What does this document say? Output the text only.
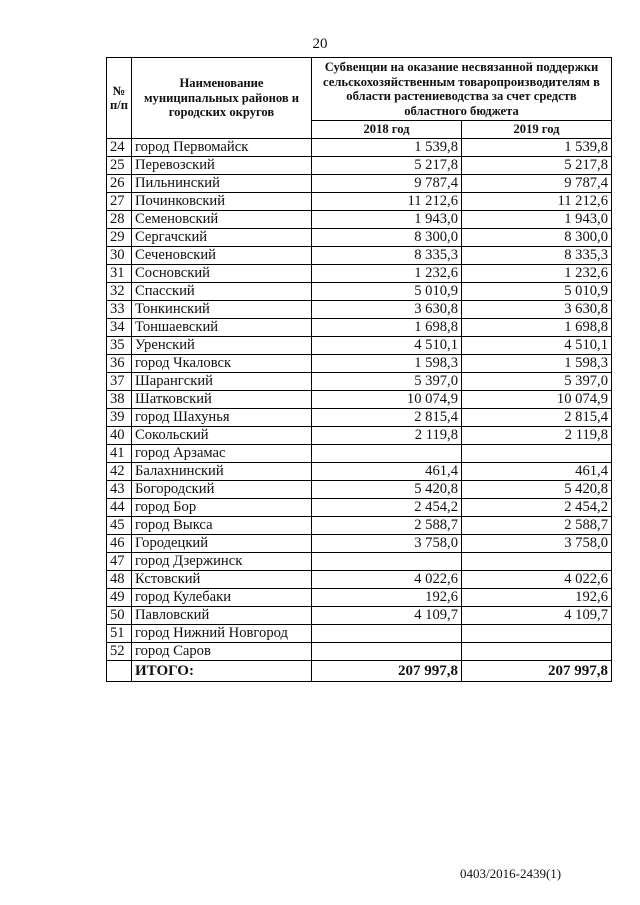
20
№ п/п	Наименование муниципальных районов и городских округов	Субвенции на оказание несвязанной поддержки сельскохозяйственным товаропроизводителям в области растениеводства за счет средств областного бюджета	
		2018 год	2019 год
24	город Первомайск	1 539,8	1 539,8
25	Перевозский	5 217,8	5 217,8
26	Пильнинский	9 787,4	9 787,4
27	Починковский	11 212,6	11 212,6
28	Семеновский	1 943,0	1 943,0
29	Сергачский	8 300,0	8 300,0
30	Сеченовский	8 335,3	8 335,3
31	Сосновский	1 232,6	1 232,6
32	Спасский	5 010,9	5 010,9
33	Тонкинский	3 630,8	3 630,8
34	Тоншаевский	1 698,8	1 698,8
35	Уренский	4 510,1	4 510,1
36	город Чкаловск	1 598,3	1 598,3
37	Шарангский	5 397,0	5 397,0
38	Шатковский	10 074,9	10 074,9
39	город Шахунья	2 815,4	2 815,4
40	Сокольский	2 119,8	2 119,8
41	город Арзамас		
42	Балахнинский	461,4	461,4
43	Богородский	5 420,8	5 420,8
44	город Бор	2 454,2	2 454,2
45	город Выкса	2 588,7	2 588,7
46	Городецкий	3 758,0	3 758,0
47	город Дзержинск		
48	Кстовский	4 022,6	4 022,6
49	город Кулебаки	192,6	192,6
50	Павловский	4 109,7	4 109,7
51	город Нижний Новгород		
52	город Саров		
	ИТОГО:	207 997,8	207 997,8
0403/2016-2439(1)
